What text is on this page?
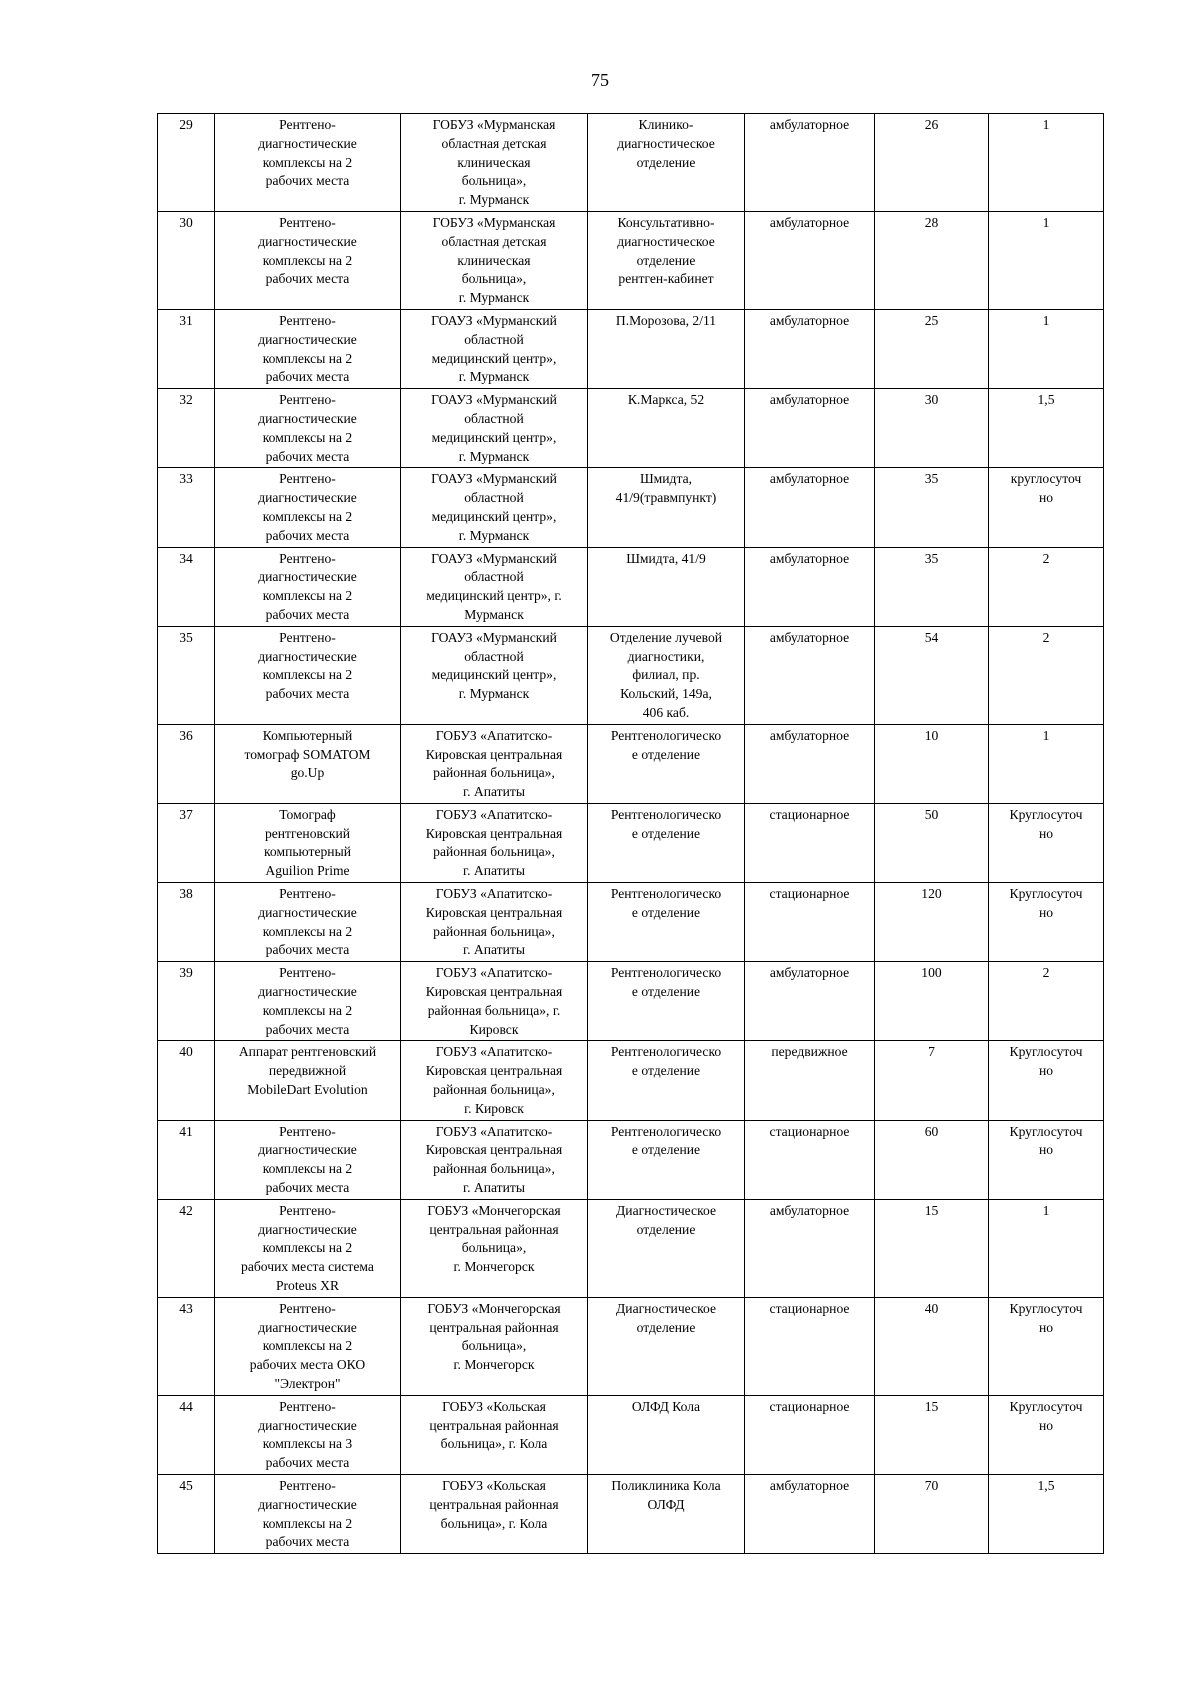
75
29	Рентгено-
диагностические
комплексы на 2
рабочих места	ГОБУЗ «Мурманская
областная детская
клиническая
больница»,
г. Мурманск	Клинико-
диагностическое
отделение	амбулаторное	26	1
30	Рентгено-
диагностические
комплексы на 2
рабочих места	ГОБУЗ «Мурманская
областная детская
клиническая
больница»,
г. Мурманск	Консультативно-
диагностическое
отделение
рентген-кабинет	амбулаторное	28	1
31	Рентгено-
диагностические
комплексы на 2
рабочих места	ГОАУЗ «Мурманский
областной
медицинский центр»,
г. Мурманск	П.Морозова, 2/11	амбулаторное	25	1
32	Рентгено-
диагностические
комплексы на 2
рабочих места	ГОАУЗ «Мурманский
областной
медицинский центр»,
г. Мурманск	К.Маркса, 52	амбулаторное	30	1,5
33	Рентгено-
диагностические
комплексы на 2
рабочих места	ГОАУЗ «Мурманский
областной
медицинский центр»,
г. Мурманск	Шмидта,
41/9(травмпункт)	амбулаторное	35	круглосуточ
но
34	Рентгено-
диагностические
комплексы на 2
рабочих места	ГОАУЗ «Мурманский
областной
медицинский центр», г.
Мурманск	Шмидта, 41/9	амбулаторное	35	2
35	Рентгено-
диагностические
комплексы на 2
рабочих места	ГОАУЗ «Мурманский
областной
медицинский центр»,
г. Мурманск	Отделение лучевой
диагностики,
филиал, пр.
Кольский, 149а,
406 каб.	амбулаторное	54	2
36	Компьютерный
томограф SOMATOM
go.Up	ГОБУЗ «Апатитско-
Кировская центральная
районная больница»,
г. Апатиты	Рентгенологическо
е отделение	амбулаторное	10	1
37	Томограф
рентгеновский
компьютерный
Aguilion Prime	ГОБУЗ «Апатитско-
Кировская центральная
районная больница»,
г. Апатиты	Рентгенологическо
е отделение	стационарное	50	Круглосуточ
но
38	Рентгено-
диагностические
комплексы на 2
рабочих места	ГОБУЗ «Апатитско-
Кировская центральная
районная больница»,
г. Апатиты	Рентгенологическо
е отделение	стационарное	120	Круглосуточ
но
39	Рентгено-
диагностические
комплексы на 2
рабочих места	ГОБУЗ «Апатитско-
Кировская центральная
районная больница», г.
Кировск	Рентгенологическо
е отделение	амбулаторное	100	2
40	Аппарат рентгеновский
передвижной
MobileDart Evolution	ГОБУЗ «Апатитско-
Кировская центральная
районная больница»,
г. Кировск	Рентгенологическо
е отделение	передвижное	7	Круглосуточ
но
41	Рентгено-
диагностические
комплексы на 2
рабочих места	ГОБУЗ «Апатитско-
Кировская центральная
районная больница»,
г. Апатиты	Рентгенологическо
е отделение	стационарное	60	Круглосуточ
но
42	Рентгено-
диагностические
комплексы на 2
рабочих места система
Proteus XR	ГОБУЗ «Мончегорская
центральная районная
больница»,
г. Мончегорск	Диагностическое
отделение	амбулаторное	15	1
43	Рентгено-
диагностические
комплексы на 2
рабочих места ОКО
"Электрон"	ГОБУЗ «Мончегорская
центральная районная
больница»,
г. Мончегорск	Диагностическое
отделение	стационарное	40	Круглосуточ
но
44	Рентгено-
диагностические
комплексы на 3
рабочих места	ГОБУЗ «Кольская
центральная районная
больница», г. Кола	ОЛФД Кола	стационарное	15	Круглосуточ
но
45	Рентгено-
диагностические
комплексы на 2
рабочих места	ГОБУЗ «Кольская
центральная районная
больница», г. Кола	Поликлиника Кола
ОЛФД	амбулаторное	70	1,5
